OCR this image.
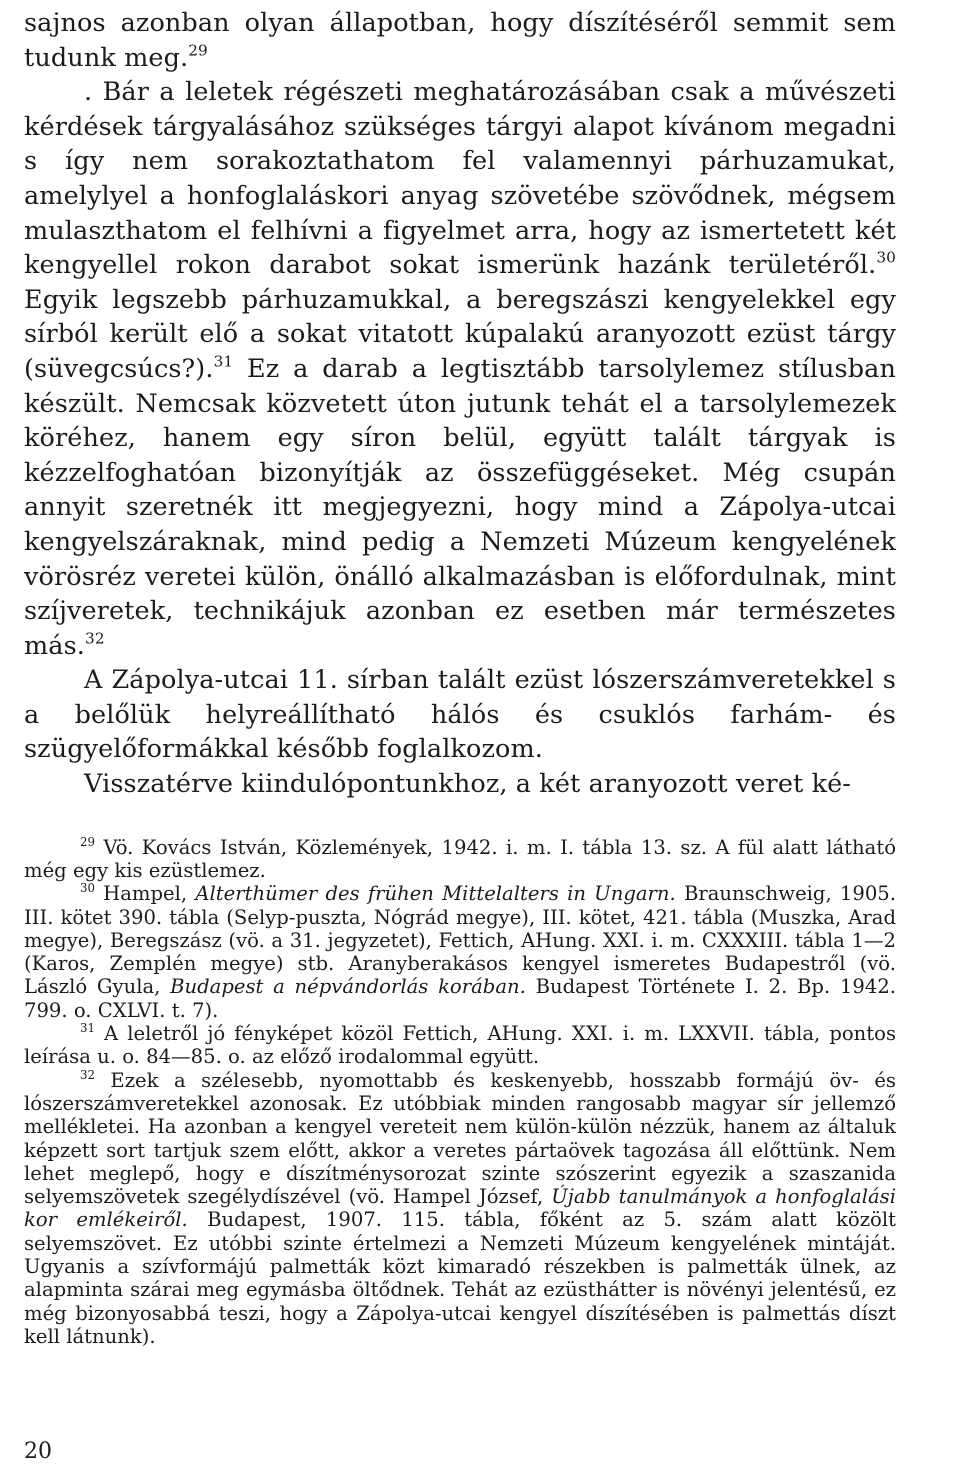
sajnos azonban olyan állapotban, hogy díszítéséről semmit sem tudunk meg.$^{29}$

. Bár a leletek régészeti meghatározásában csak a művészeti kérdések tárgyalásához szükséges tárgyi alapot kívánom megadni s így nem sorakoztathatom fel valamennyi párhuzamukat, amelylyel a honfoglaláskori anyag szövetébe szövődnek, mégsem mulaszthatom el felhívni a figyelmet arra, hogy az ismertetett két kengyellel rokon darabot sokat ismerünk hazánk területéről.$^{30}$ Egyik legszebb párhuzamukkal, a beregszászi kengyelekkel egy sírból került elő a sokat vitatott kúpalakú aranyozott ezüst tárgy (süvegcsúcs?).$^{31}$ Ez a darab a legtisztább tarsolylemez stílusban készült. Nemcsak közvetett úton jutunk tehát el a tarsolylemezek köréhez, hanem egy síron belül, együtt talált tárgyak is kézzelfoghatóan bizonyítják az összefüggéseket. Még csupán annyit szeretnék itt megjegyezni, hogy mind a Zápolya-utcai kengyelszáraknak, mind pedig a Nemzeti Múzeum kengyelének vörösréz veretei külön, önálló alkalmazásban is előfordulnak, mint szíjveretek, technikájuk azonban ez esetben már természetes más.$^{32}$

A Zápolya-utcai 11. sírban talált ezüst lószerszámveretekkel s a belőlük helyreállítható hálós és csuklós farhám- és szügyelőformákkal később foglalkozom.

Visszatérve kiindulópontunkhoz, a két aranyozott veret ké-

$^{29}$ Vö. Kovács István, Közlemények, 1942. i. m. I. tábla 13. sz. A fül alatt látható még egy kis ezüstlemez.

$^{30}$ Hampel, Alterthümer des frühen Mittelalters in Ungarn. Braunschweig, 1905. III. kötet 390. tábla (Selyp-puszta, Nógrád megye), III. kötet, 421. tábla (Muszka, Arad megye), Beregszász (vö. a 31. jegyzetet), Fettich, AHung. XXI. i. m. CXXXIII. tábla 1—2 (Karos, Zemplén megye) stb. Aranyberakásos kengyel ismeretes Budapestről (vö. László Gyula, Budapest a népvándorlás korában. Budapest Története I. 2. Bp. 1942. 799. o. CXLVI. t. 7).

$^{31}$ A leletről jó fényképet közöl Fettich, AHung. XXI. i. m. LXXVII. tábla, pontos leírása u. o. 84—85. o. az előző irodalommal együtt.

$^{32}$ Ezek a szélesebb, nyomottabb és keskenyebb, hosszabb formájú öv- és lószerszámveretekkel azonosak. Ez utóbbiak minden rangosabb magyar sír jellemző mellékletei. Ha azonban a kengyel vereteit nem külön-külön nézzük, hanem az általuk képzett sort tartjuk szem előtt, akkor a veretes pártaövek tagozása áll előttünk. Nem lehet meglepő, hogy e díszítménysorozat szinte szószerint egyezik a szaszanida selyemszövetek szegélydíszével (vö. Hampel József, Újabb tanulmányok a honfoglalási kor emlékeiről. Budapest, 1907. 115. tábla, főként az 5. szám alatt közölt selyemszövet. Ez utóbbi szinte értelmezi a Nemzeti Múzeum kengyelének mintáját. Ugyanis a szívformájú palmetták közt kimaradó részekben is palmetták ülnek, az alapminta szárai meg egymásba öltődnek. Tehát az ezüsthátter is növényi jelentésű, ez még bizonyosabbá teszi, hogy a Zápolya-utcai kengyel díszítésében is palmettás díszt kell látnunk).

20
